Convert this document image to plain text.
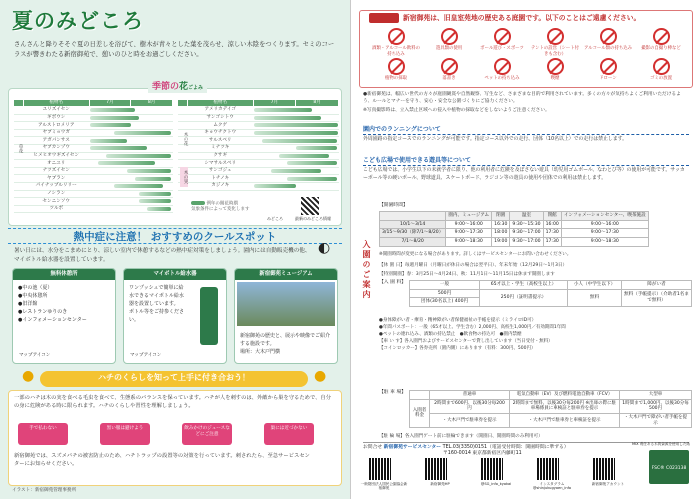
夏のみどころ
さんさんと降りそそぐ夏の日差しを浴びて、樹木が青々とした葉を茂らせ、涼しい木陰をつくります。セミのコーラスが響きわたる新宿御苑で、憩いのひと時をお過ごしください。
	植物名	7月	8月
	ユリズイセン		

	ギボウシ		

	アルストロメリア		

	ヤブミョウガ		

	アガパンサス		

	ヤブカンゾウ		

	ヒメヒオウギズイセン		

	オニユリ		

	ナツズイセン		

	ヤブラン		

	パイナップルリリー		

	ノシラン		

	センニンソウ		

	ツルボ		
草花
	植物名	7月	8月
	アメリカデイゴ		

	サンゴシトウ		

	ムクゲ		

	キョウチクトウ		

	サルスベリ		

	ミナツキ		

	クサギ		

	シマサルスベリ		

	サンゴジュ		

	トチノキ		

	カジノキ		
木の花
木の実
例年の開花時期
気象条件によって変化します
最新のみどころ情報
みどころ
季節の花ごよみ
熱中症に注意！ おすすめのクールスポット
暑い日には、水分をこまめにとり、涼しい室内で休憩するなどの熱中症対策をしましょう。園内には自動販売機の他、マイボトル給水器を設置しています。
◐
無料休憩所
●中の池（夏）
●中央休憩所
●旧洋館
●レストランゆりのき
●インフォメーションセンター
マップアイコン
マイボトル給水器
ワンプッシュで簡単に給水できるマイボトル給水器を設置しています。
ボトル等をご持参ください。
マップアイコン
新宿御苑ミュージアム
新宿御苑の歴史と、展示や映像でご紹介する施設です。
場所：大木戸門横
ハチのくらしを知って上手に付き合おう！
●	●
一部のハチは木の実を食べる毛虫を食べて、生態系のバランスを保っています。ハチが人を刺すのは、外敵から巣を守るためで、自分の身に危険がある時に限られます。ハチのくらしや習性を理解しましょう。
手で払わない	黒い服は避けよう	飲みかけのジュースなどにご注意
巣には近づかない
新宿御苑では、スズメバチの被害防止のため、ハチトラップの設置等の対策を行っています。刺されたら、至急サービスセンターにお知らせください。
イラスト：新宿御苑管理事務所
新宿御苑は、旧皇室苑地の歴史ある庭園です。以下のことはご遠慮ください。
酒類・アルコール飲料の持ち込み
遊具類の使用	ボール遊び・スポーツ	テントの設営（シート付きも含む）
アルコール類の持ち込み	撮影の自撮り棒など
植物の採取	落書き	ペットの持ち込み	喫煙	ドローン	ゴミの放置
●新宿御苑は、幅広い世代の方々が庭園観賞や自然観察、写生など、さまざまな目的で利用されています。多くの方々が気持ちよくご利用いただけるよう、ルールとマナーを守り、安心・安全な公園づくりにご協力ください。
※写真撮影時は、立入禁止区域への侵入や植物の採取などをしないようご注意ください。
園内でのランニングについて
外周園路の指定コースでのランニングが可能です。指定コース以外での走行、団体（10名以上）での走行は禁止します。
こども広場で使用できる遊具等について
こども広場では、小学生以下の未就学者に限り、他の利用者に危険を及ぼさない遊具（幼児用ゴムボール、なわとび等）の使用が可能です。サッカーボール等の硬いボール、野球道具、スケートボード、ラジコン等の遊具の使用や団体での利用は禁止します。
入園のご案内
【開園時間】
	園内、ミュージアム	閉園	温室	閉館	インフォメーションセンター、喫茶施設
10/1～3/14	9:00～16:00	16:30	9:30～15:30	16:00	9:00～16:00
3/15～9/30（除7/1～8/20）	9:00～17:30	18:00	9:30～17:00	17:30	9:00～17:30
7/1～8/20	9:00～18:30	19:00	9:30～17:00	17:30	9:00～18:30
※開園時間が変更になる場合があります。詳しくはサービスセンターにお問い合わせください。
【休 園 日】毎週月曜日（月曜日が休日の場合は翌平日）、年末年始（12月29日～1月3日）
【特別開園】春：3月25日～4月24日、秋：11月1日～11月15日は休まず開園します
【入 園 料】	一般	65才以上・学生（高校生以上）	小人（中学生以下）	障がい者
500円	250円（証明書提示）	無料	無料（手帳提示）（介助者1名まで無料）
団体(30名以上) 400円			
●身体障がい者・療育・精神障がい者保健福祉の手帳を提示（ミライロID可）
●年間パスポート：一般（65才以上、学生含む）2,000円、高校生1,000円／有効期間1年間
●ペットの連れ込み、酒類の持込禁止　●飲食物の持込可　●園内禁煙
【車 い す】各入園門およびサービスセンターで貸し出しています（当日受付・無料）
【コインロッカー】各券売所（園内側）にあります（有料：300円、500円）
【駐 車 場】
		普通車	電気自動車（EV）及び燃料電池自動車（FCV）	大型車
入園者料金	2時間まで600円、以後30分毎200円	2時間まで無料、以後30分毎200円 ※出庫の際に駐車場係員に車検証と駐車券を提示	1時間まで1,000円、以後30分毎500円
	・大木戸門で駐車券を提示	・大木戸門で駐車券と車検証を提示	・大木戸門で障がい者手帳を提示
【駐 輪 場】各入園門ゲート前に駐輪できます（開園日、開園時間のみ利用可）
お問合せ 新宿御苑サービスセンター TEL.03(3350)0151（電話受付時間：開園時間に準ずる）
〒160-0014 東京都新宿区内藤町11
一般財団法人国民公園協会新宿御苑
新宿御苑HP	@SG_info_kyokai	インスタグラム @shinjukugyoen_info
新宿御苑アカウント
FSC® C023138
MIX 責任ある木質資源を使用した紙
